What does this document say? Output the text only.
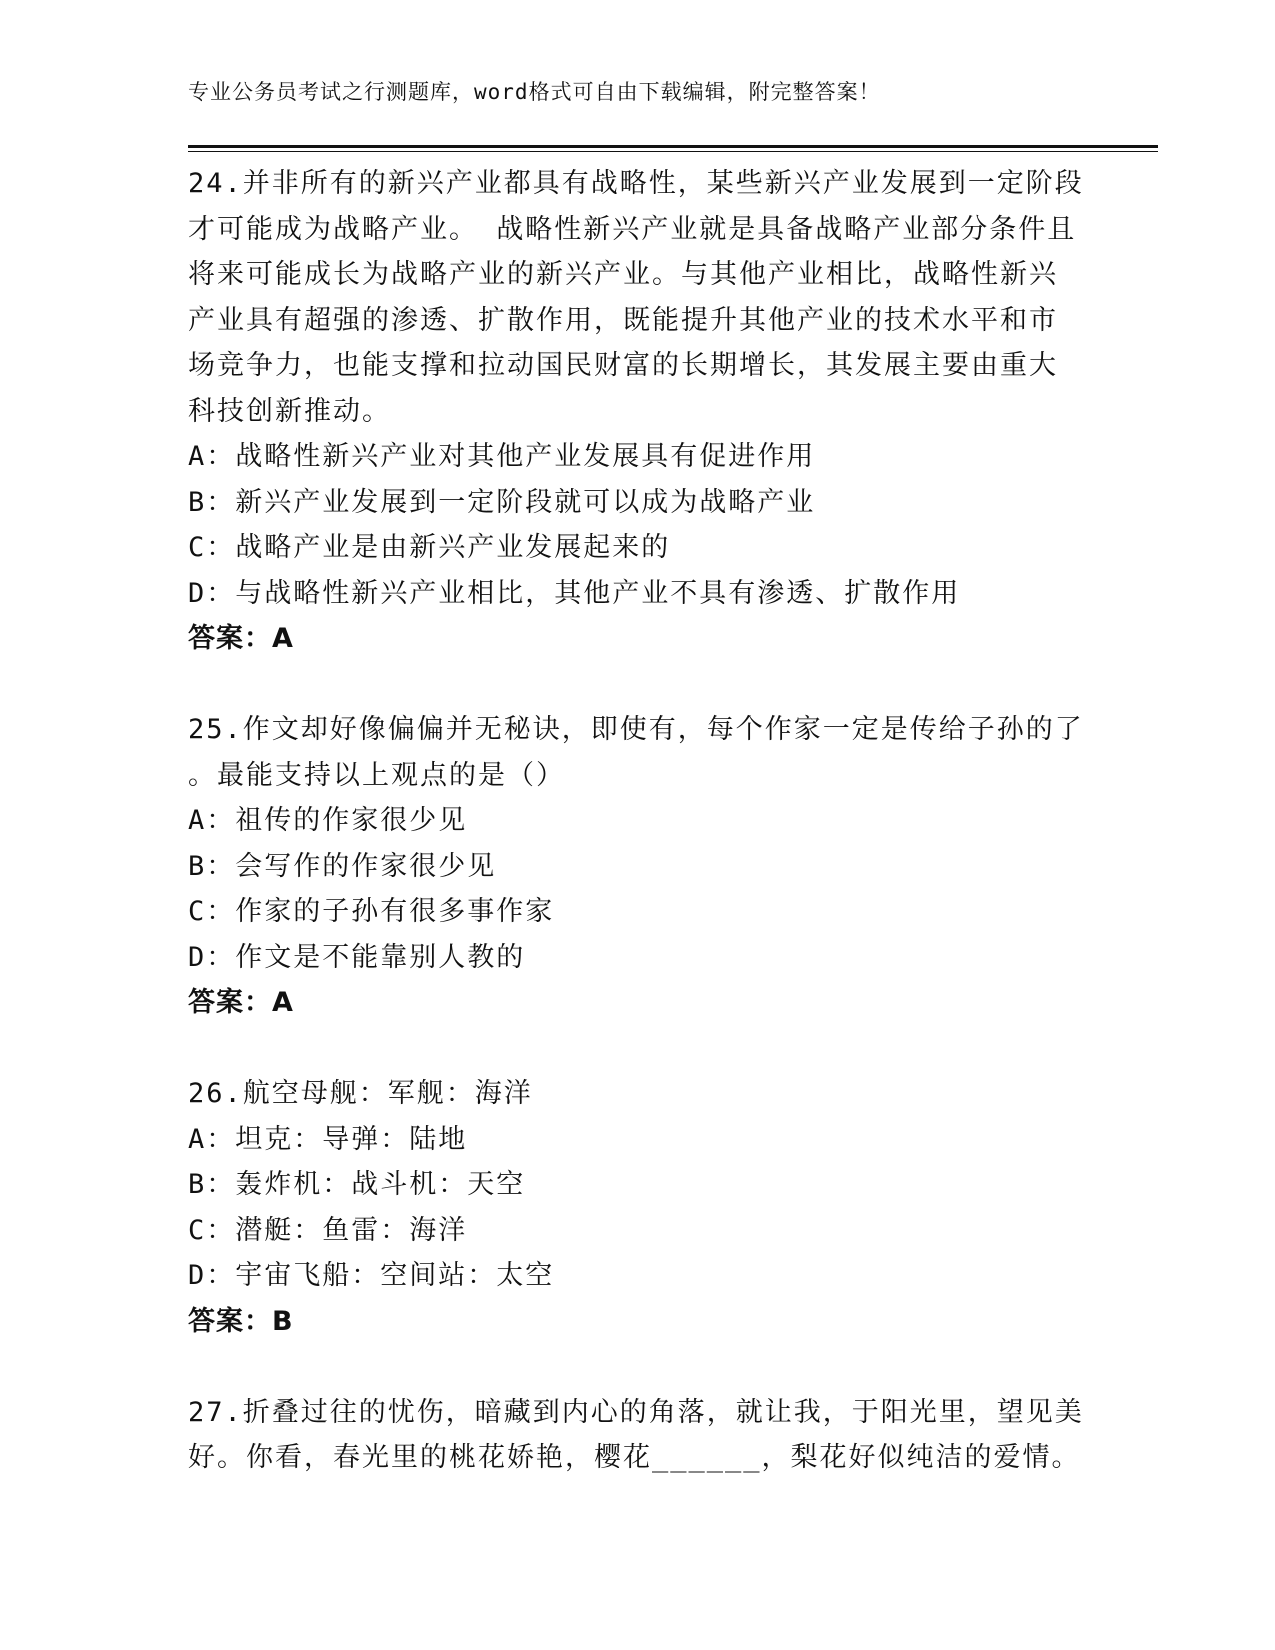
专业公务员考试之行测题库，word格式可自由下载编辑，附完整答案！

24.并非所有的新兴产业都具有战略性，某些新兴产业发展到一定阶段

才可能成为战略产业。 战略性新兴产业就是具备战略产业部分条件且

将来可能成长为战略产业的新兴产业。与其他产业相比，战略性新兴

产业具有超强的渗透、扩散作用，既能提升其他产业的技术水平和市

场竞争力，也能支撑和拉动国民财富的长期增长，其发展主要由重大

科技创新推动。

A：战略性新兴产业对其他产业发展具有促进作用

B：新兴产业发展到一定阶段就可以成为战略产业

C：战略产业是由新兴产业发展起来的

D：与战略性新兴产业相比，其他产业不具有渗透、扩散作用

答案：A

25.作文却好像偏偏并无秘诀，即使有，每个作家一定是传给子孙的了

。最能支持以上观点的是（）

A：祖传的作家很少见

B：会写作的作家很少见

C：作家的子孙有很多事作家

D：作文是不能靠别人教的

答案：A

26.航空母舰：军舰：海洋

A：坦克：导弹：陆地

B：轰炸机：战斗机：天空

C：潜艇：鱼雷：海洋

D：宇宙飞船：空间站：太空

答案：B

27.折叠过往的忧伤，暗藏到内心的角落，就让我，于阳光里，望见美

好。你看，春光里的桃花娇艳，樱花______，梨花好似纯洁的爱情。
